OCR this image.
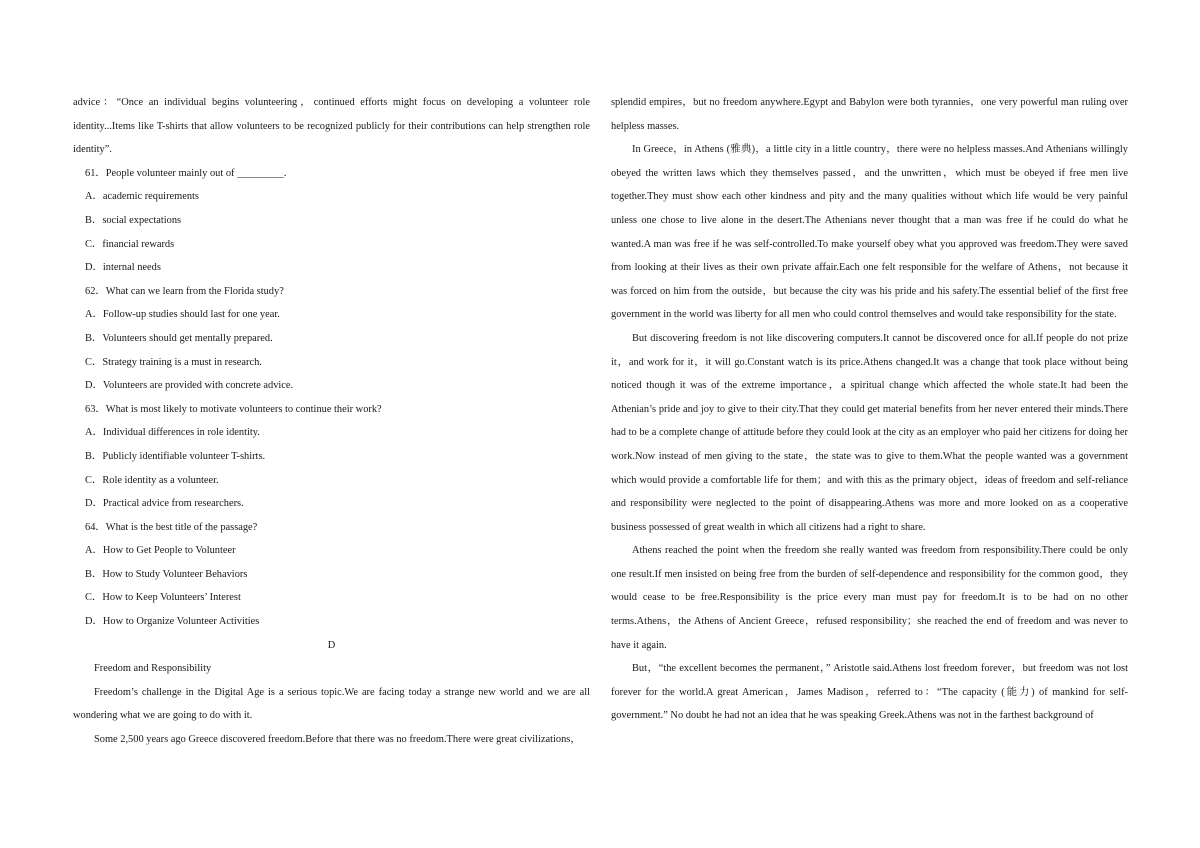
advice：“Once an individual begins volunteering，continued efforts might focus on developing a volunteer role identity...Items like T-shirts that allow volunteers to be recognized publicly for their contributions can help strengthen role identity”.

61．People volunteer mainly out of _________.

A．academic requirements

B．social expectations

C．financial rewards

D．internal needs

62．What can we learn from the Florida study?

A．Follow-up studies should last for one year.

B．Volunteers should get mentally prepared.

C．Strategy training is a must in research.

D．Volunteers are provided with concrete advice.

63．What is most likely to motivate volunteers to continue their work?

A．Individual differences in role identity.

B．Publicly identifiable volunteer T-shirts.

C．Role identity as a volunteer.

D．Practical advice from researchers.

64．What is the best title of the passage?

A．How to Get People to Volunteer

B．How to Study Volunteer Behaviors

C．How to Keep Volunteers’ Interest

D．How to Organize Volunteer Activities

D

Freedom and Responsibility

Freedom’s challenge in the Digital Age is a serious topic.We are facing today a strange new world and we are all wondering what we are going to do with it.

Some 2,500 years ago Greece discovered freedom.Before that there was no freedom.There were great civilizations，

splendid empires，but no freedom anywhere.Egypt and Babylon were both tyrannies，one very powerful man ruling over helpless masses.

In Greece，in Athens (雅典)，a little city in a little country，there were no helpless masses.And Athenians willingly obeyed the written laws which they themselves passed，and the unwritten，which must be obeyed if free men live together.They must show each other kindness and pity and the many qualities without which life would be very painful unless one chose to live alone in the desert.The Athenians never thought that a man was free if he could do what he wanted.A man was free if he was self-controlled.To make yourself obey what you approved was freedom.They were saved from looking at their lives as their own private affair.Each one felt responsible for the welfare of Athens，not because it was forced on him from the outside，but because the city was his pride and his safety.The essential belief of the first free government in the world was liberty for all men who could control themselves and would take responsibility for the state.

But discovering freedom is not like discovering computers.It cannot be discovered once for all.If people do not prize it，and work for it，it will go.Constant watch is its price.Athens changed.It was a change that took place without being noticed though it was of the extreme importance，a spiritual change which affected the whole state.It had been the Athenian’s pride and joy to give to their city.That they could get material benefits from her never entered their minds.There had to be a complete change of attitude before they could look at the city as an employer who paid her citizens for doing her work.Now instead of men giving to the state，the state was to give to them.What the people wanted was a government which would provide a comfortable life for them；and with this as the primary object，ideas of freedom and self-reliance and responsibility were neglected to the point of disappearing.Athens was more and more looked on as a cooperative business possessed of great wealth in which all citizens had a right to share.

Athens reached the point when the freedom she really wanted was freedom from responsibility.There could be only one result.If men insisted on being free from the burden of self-dependence and responsibility for the common good，they would cease to be free.Responsibility is the price every man must pay for freedom.It is to be had on no other terms.Athens，the Athens of Ancient Greece，refused responsibility；she reached the end of freedom and was never to have it again.

But，“the excellent becomes the permanent，” Aristotle said.Athens lost freedom forever，but freedom was not lost forever for the world.A great American，James Madison，referred to：“The capacity (能力) of mankind for self-government.” No doubt he had not an idea that he was speaking Greek.Athens was not in the farthest background of
